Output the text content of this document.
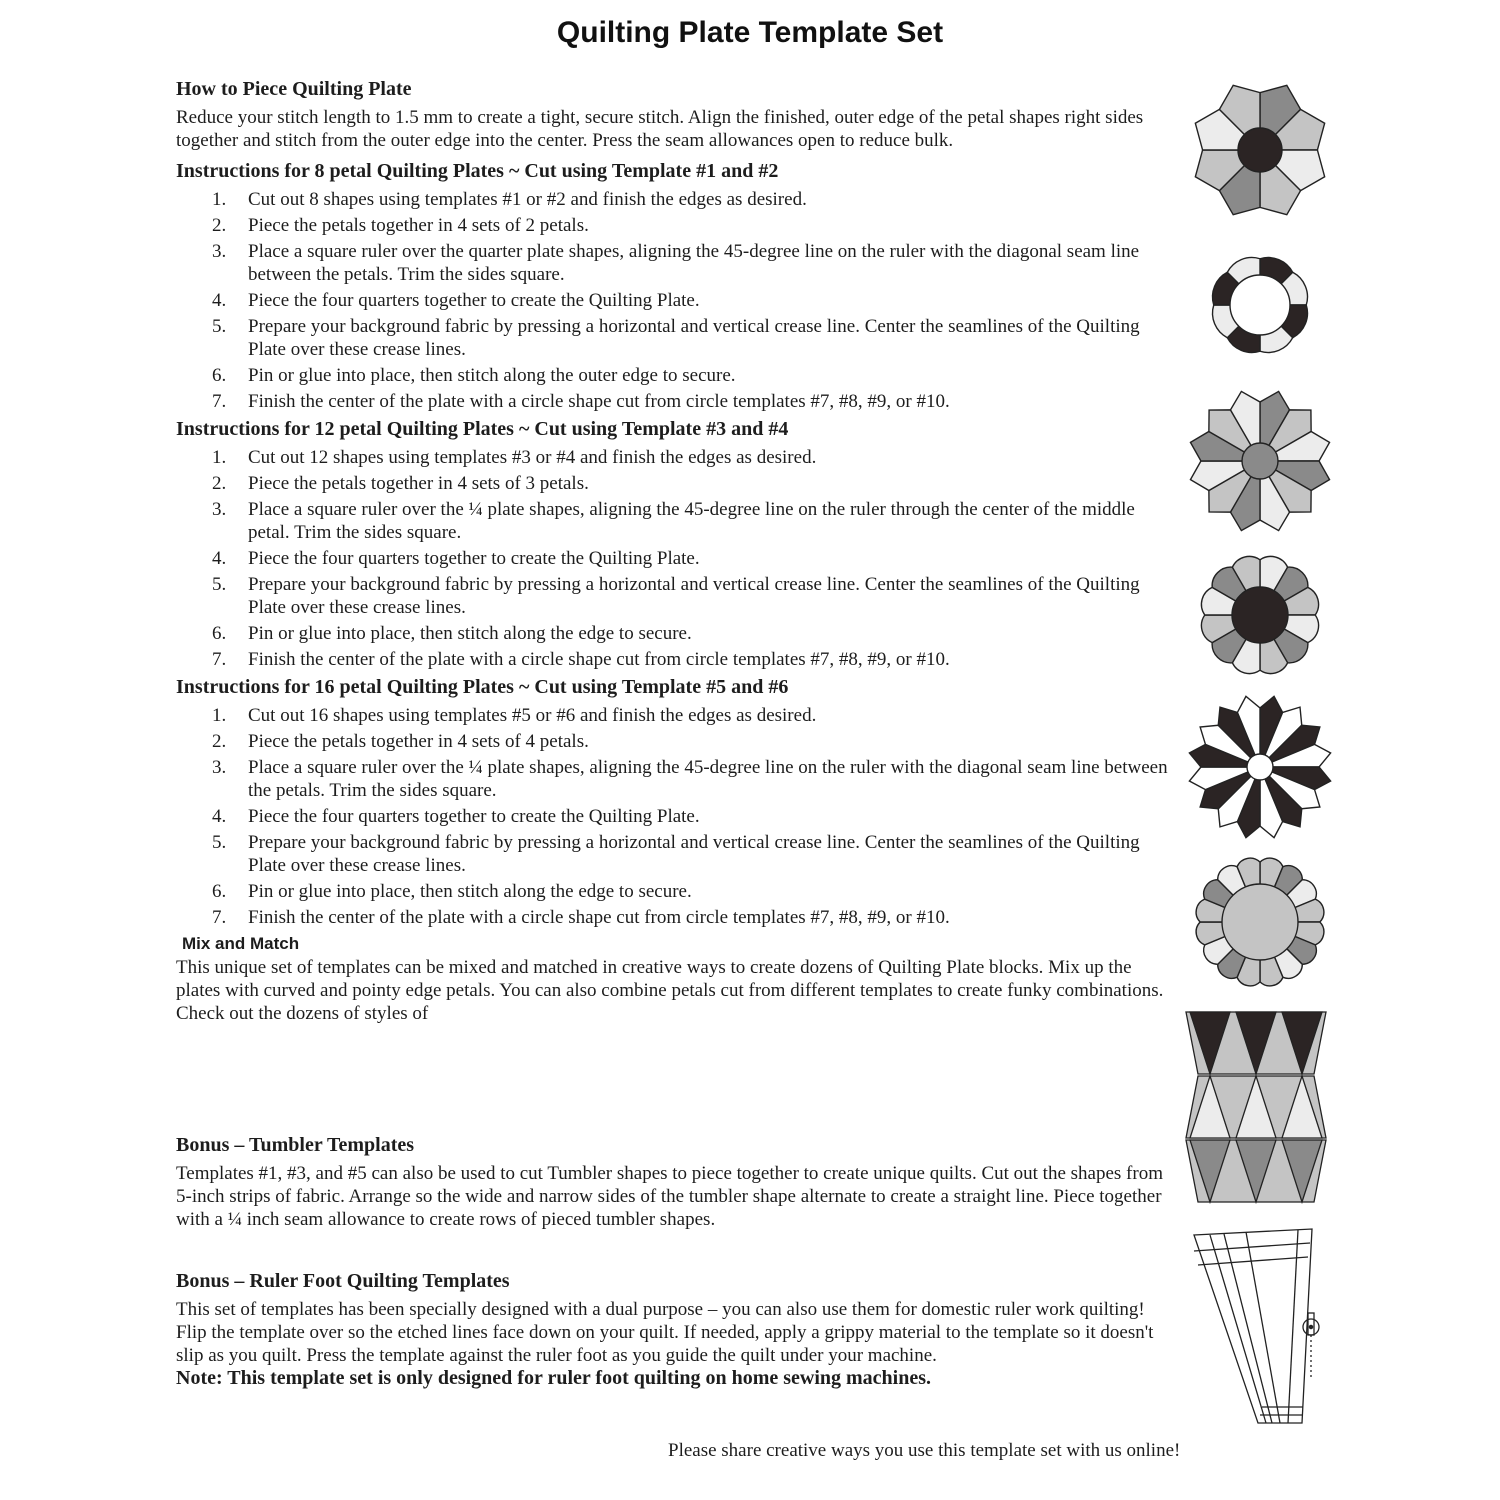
Quilting Plate Template Set
How to Piece Quilting Plate

Reduce your stitch length to 1.5 mm to create a tight, secure stitch. Align the finished, outer edge of the petal shapes right sides together and stitch from the outer edge into the center. Press the seam allowances open to reduce bulk.

Instructions for 8 petal Quilting Plates ~ Cut using Template #1 and #2
1. Cut out 8 shapes using templates #1 or #2 and finish the edges as desired.
2. Piece the petals together in 4 sets of 2 petals.
3. Place a square ruler over the quarter plate shapes, aligning the 45-degree line on the ruler with the diagonal seam line between the petals. Trim the sides square.
4. Piece the four quarters together to create the Quilting Plate.
5. Prepare your background fabric by pressing a horizontal and vertical crease line. Center the seamlines of the Quilting Plate over these crease lines.
6. Pin or glue into place, then stitch along the outer edge to secure.
7. Finish the center of the plate with a circle shape cut from circle templates #7, #8, #9, or #10.
Instructions for 12 petal Quilting Plates ~ Cut using Template #3 and #4
1. Cut out 12 shapes using templates #3 or #4 and finish the edges as desired.
2. Piece the petals together in 4 sets of 3 petals.
3. Place a square ruler over the ¼ plate shapes, aligning the 45-degree line on the ruler through the center of the middle petal. Trim the sides square.
4. Piece the four quarters together to create the Quilting Plate.
5. Prepare your background fabric by pressing a horizontal and vertical crease line. Center the seamlines of the Quilting Plate over these crease lines.
6. Pin or glue into place, then stitch along the edge to secure.
7. Finish the center of the plate with a circle shape cut from circle templates #7, #8, #9, or #10.
Instructions for 16 petal Quilting Plates ~ Cut using Template #5 and #6
1. Cut out 16 shapes using templates #5 or #6 and finish the edges as desired.
2. Piece the petals together in 4 sets of 4 petals.
3. Place a square ruler over the ¼ plate shapes, aligning the 45-degree line on the ruler with the diagonal seam line between the petals. Trim the sides square.
4. Piece the four quarters together to create the Quilting Plate.
5. Prepare your background fabric by pressing a horizontal and vertical crease line. Center the seamlines of the Quilting Plate over these crease lines.
6. Pin or glue into place, then stitch along the edge to secure.
7. Finish the center of the plate with a circle shape cut from circle templates #7, #8, #9, or #10.
Mix and Match

This unique set of templates can be mixed and matched in creative ways to create dozens of Quilting Plate blocks. Mix up the plates with curved and pointy edge petals. You can also combine petals cut from different templates to create funky combinations. Check out the dozens of styles of

Bonus – Tumbler Templates

Templates #1, #3, and #5 can also be used to cut Tumbler shapes to piece together to create unique quilts. Cut out the shapes from 5-inch strips of fabric. Arrange so the wide and narrow sides of the tumbler shape alternate to create a straight line. Piece together with a ¼ inch seam allowance to create rows of pieced tumbler shapes.

Bonus – Ruler Foot Quilting Templates

This set of templates has been specially designed with a dual purpose – you can also use them for domestic ruler work quilting! Flip the template over so the etched lines face down on your quilt. If needed, apply a grippy material to the template so it doesn't slip as you quilt. Press the template against the ruler foot as you guide the quilt under your machine.

Note: This template set is only designed for ruler foot quilting on home sewing machines.

Please share creative ways you use this template set with us online!
